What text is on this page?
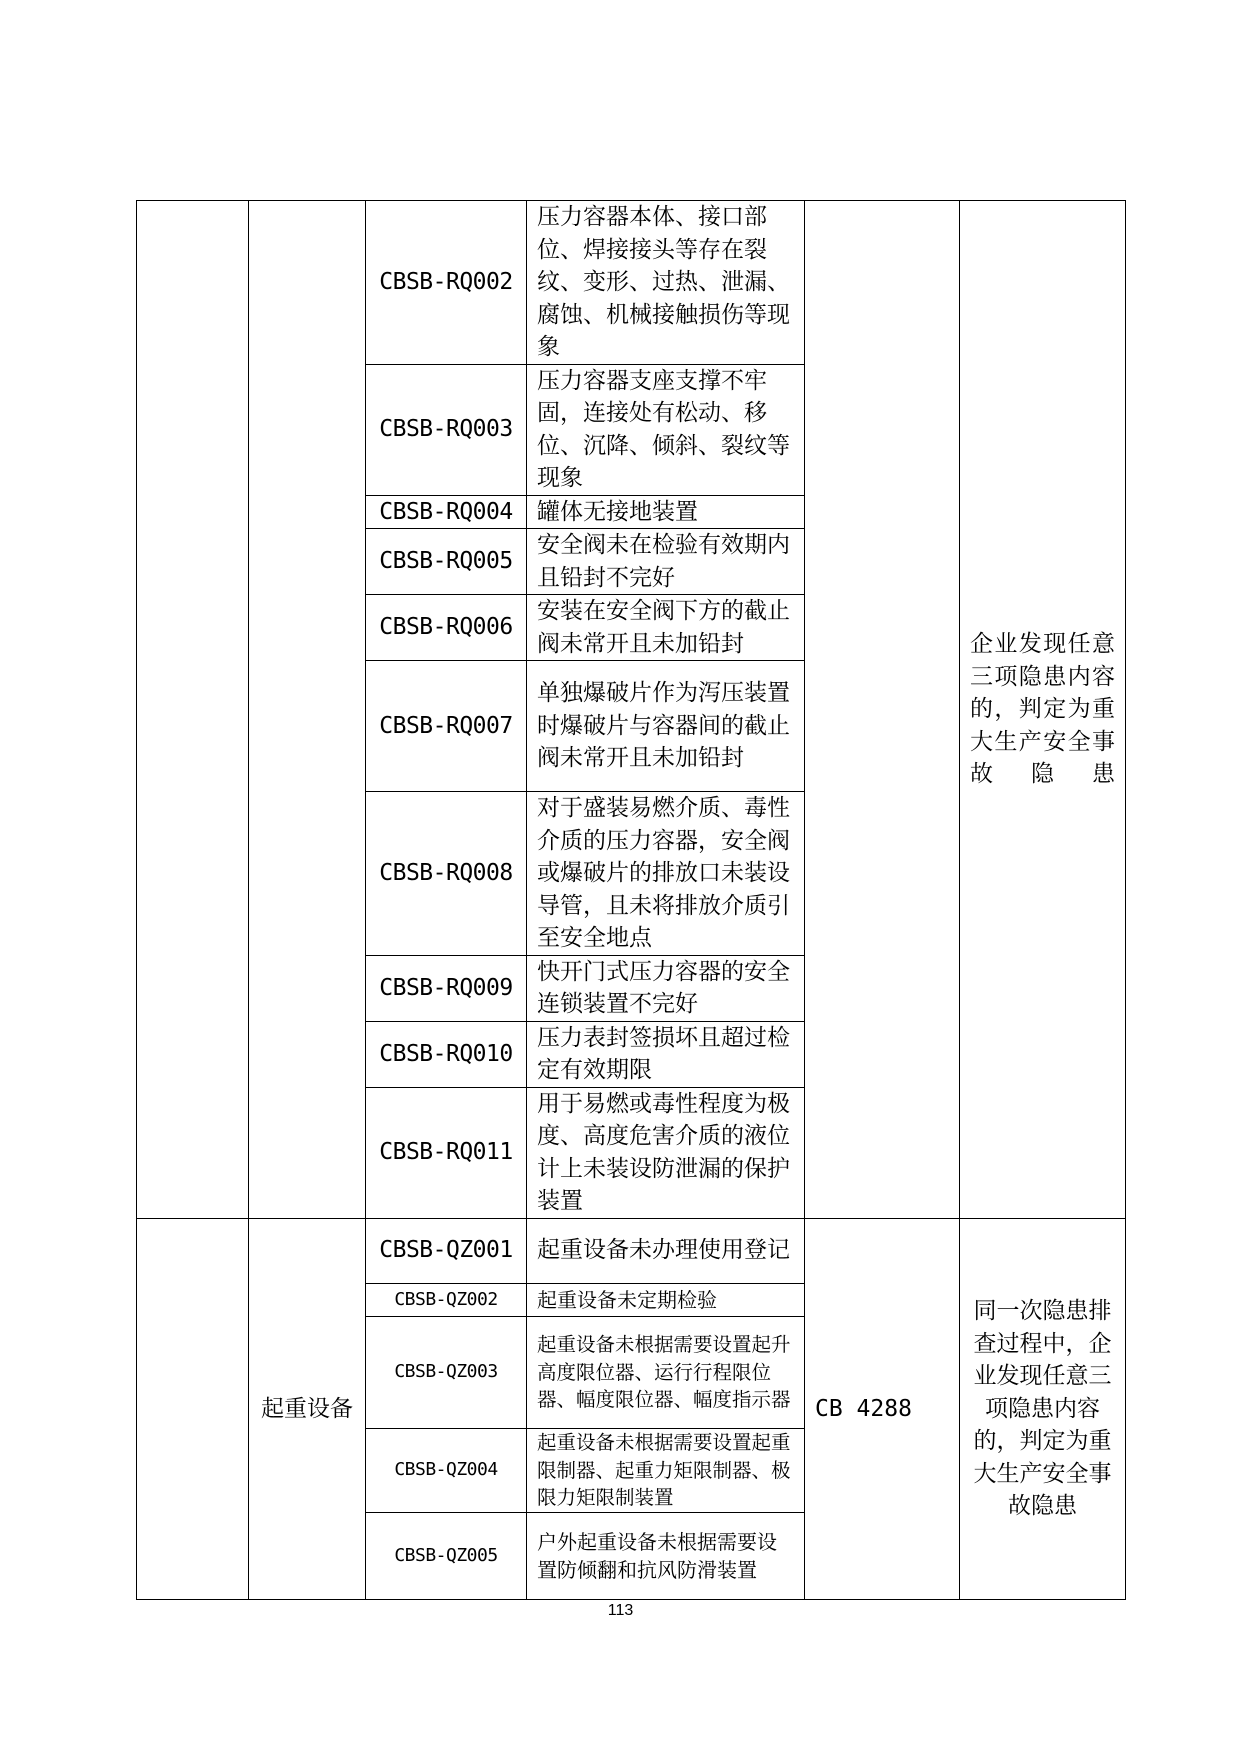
		CBSB-RQ002	压力容器本体、接口部位、焊接接头等存在裂纹、变形、过热、泄漏、腐蚀、机械接触损伤等现象		企业发现任意三项隐患内容的，判定为重大生产安全事故隐患
		CBSB-RQ003	压力容器支座支撑不牢固，连接处有松动、移位、沉降、倾斜、裂纹等现象		
		CBSB-RQ004	罐体无接地装置		
		CBSB-RQ005	安全阀未在检验有效期内且铅封不完好		
		CBSB-RQ006	安装在安全阀下方的截止阀未常开且未加铅封		
		CBSB-RQ007	单独爆破片作为泻压装置时爆破片与容器间的截止阀未常开且未加铅封		
		CBSB-RQ008	对于盛装易燃介质、毒性介质的压力容器，安全阀或爆破片的排放口未装设导管，且未将排放介质引至安全地点		
		CBSB-RQ009	快开门式压力容器的安全连锁装置不完好		
		CBSB-RQ010	压力表封签损坏且超过检定有效期限		
		CBSB-RQ011	用于易燃或毒性程度为极度、高度危害介质的液位计上未装设防泄漏的保护装置		
	起重设备	CBSB-QZ001	起重设备未办理使用登记	CB 4288	同一次隐患排查过程中，企业发现任意三项隐患内容的，判定为重大生产安全事故隐患
		CBSB-QZ002	起重设备未定期检验		
		CBSB-QZ003	起重设备未根据需要设置起升高度限位器、运行行程限位器、幅度限位器、幅度指示器		
		CBSB-QZ004	起重设备未根据需要设置起重限制器、起重力矩限制器、极限力矩限制装置		
		CBSB-QZ005	户外起重设备未根据需要设置防倾翻和抗风防滑装置		
113
